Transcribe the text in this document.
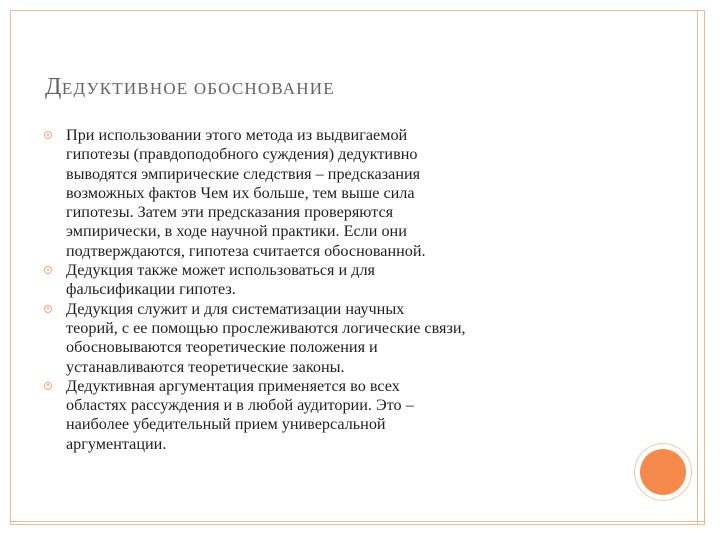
ДЕДУКТИВНОЕ ОБОСНОВАНИЕ
При использовании этого метода из выдвигаемой
гипотезы (правдоподобного суждения) дедуктивно
выводятся эмпирические следствия – предсказания
возможных фактов Чем их больше, тем выше сила
гипотезы. Затем эти предсказания проверяются
эмпирически, в ходе научной практики. Если они
подтверждаются, гипотеза считается обоснованной.
Дедукция также может использоваться и для
фальсификации гипотез.
Дедукция служит и для систематизации научных
теорий, с ее помощью прослеживаются логические связи,
обосновываются теоретические положения и
устанавливаются теоретические законы.
Дедуктивная аргументация применяется во всех
областях рассуждения и в любой аудитории. Это –
наиболее убедительный прием универсальной
аргументации.
